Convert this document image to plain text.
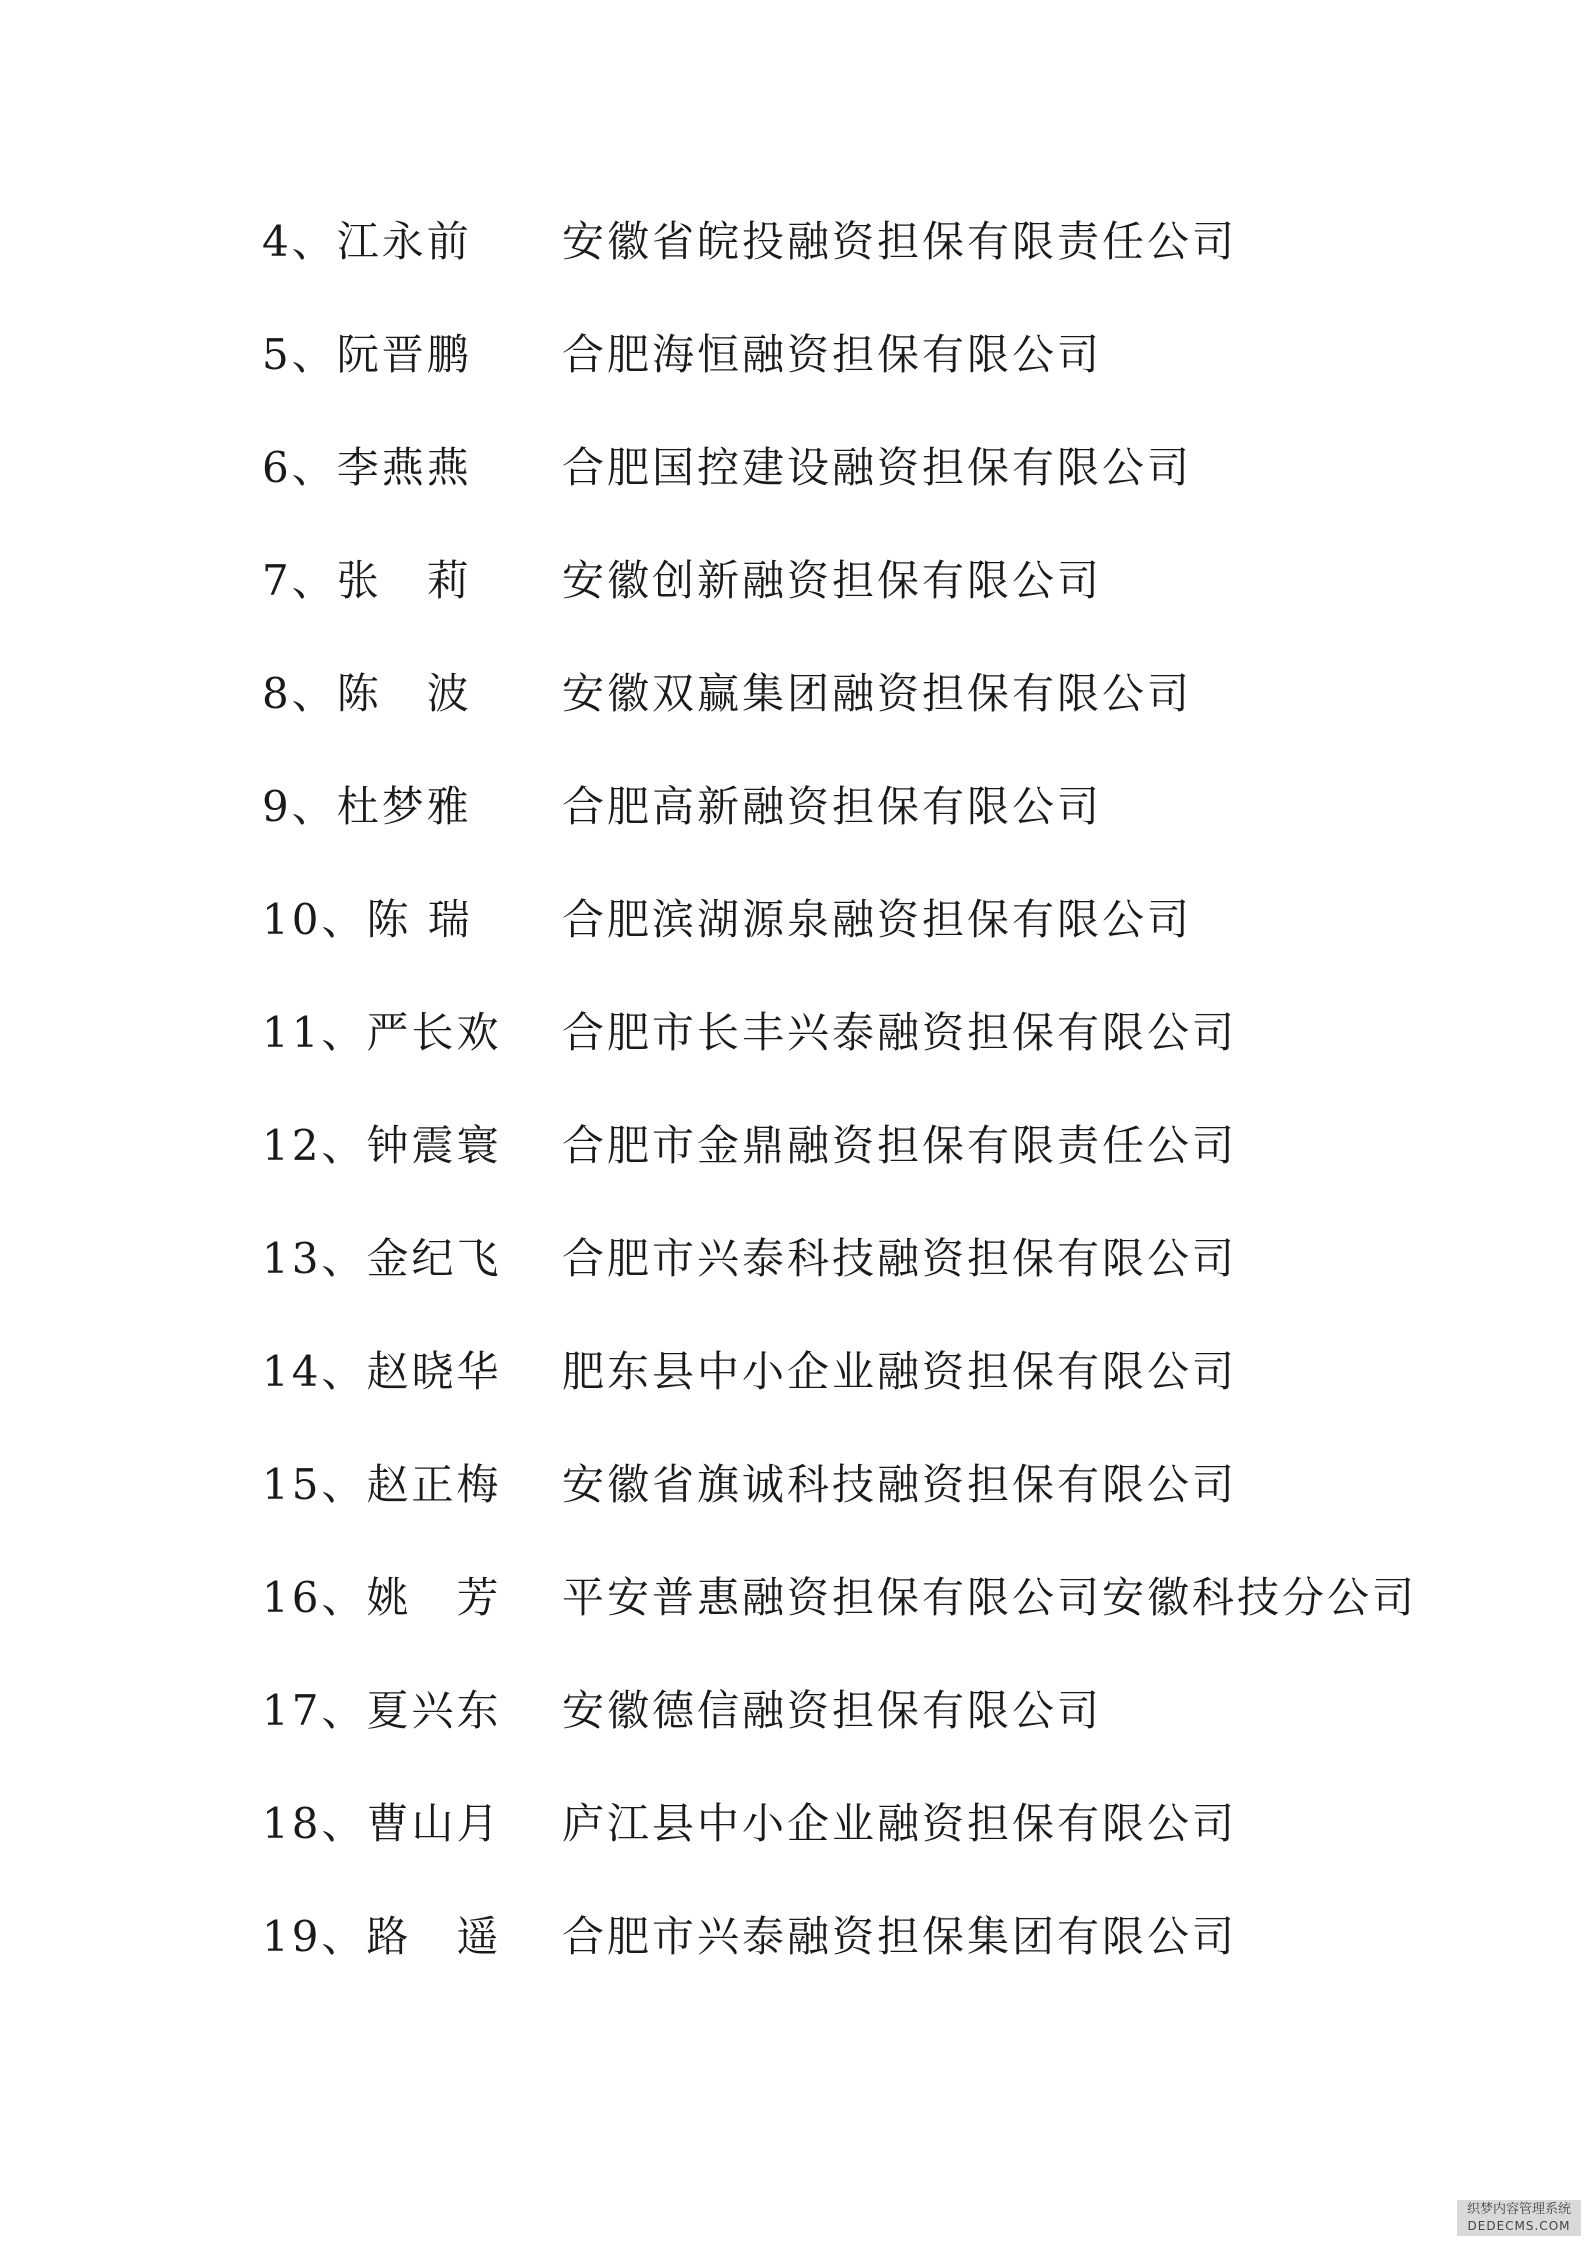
4、江永前	安徽省皖投融资担保有限责任公司
5、阮晋鹏	合肥海恒融资担保有限公司
6、李燕燕	合肥国控建设融资担保有限公司
7、张　莉	安徽创新融资担保有限公司
8、陈　波	安徽双赢集团融资担保有限公司
9、杜梦雅	合肥高新融资担保有限公司
10、陈 瑞	合肥滨湖源泉融资担保有限公司
11、严长欢	合肥市长丰兴泰融资担保有限公司
12、钟震寰	合肥市金鼎融资担保有限责任公司
13、金纪飞	合肥市兴泰科技融资担保有限公司
14、赵晓华	肥东县中小企业融资担保有限公司
15、赵正梅	安徽省旗诚科技融资担保有限公司
16、姚　芳	平安普惠融资担保有限公司安徽科技分公司
17、夏兴东	安徽德信融资担保有限公司
18、曹山月	庐江县中小企业融资担保有限公司
19、路　遥	合肥市兴泰融资担保集团有限公司
织梦内容管理系统
DEDECMS.COM
